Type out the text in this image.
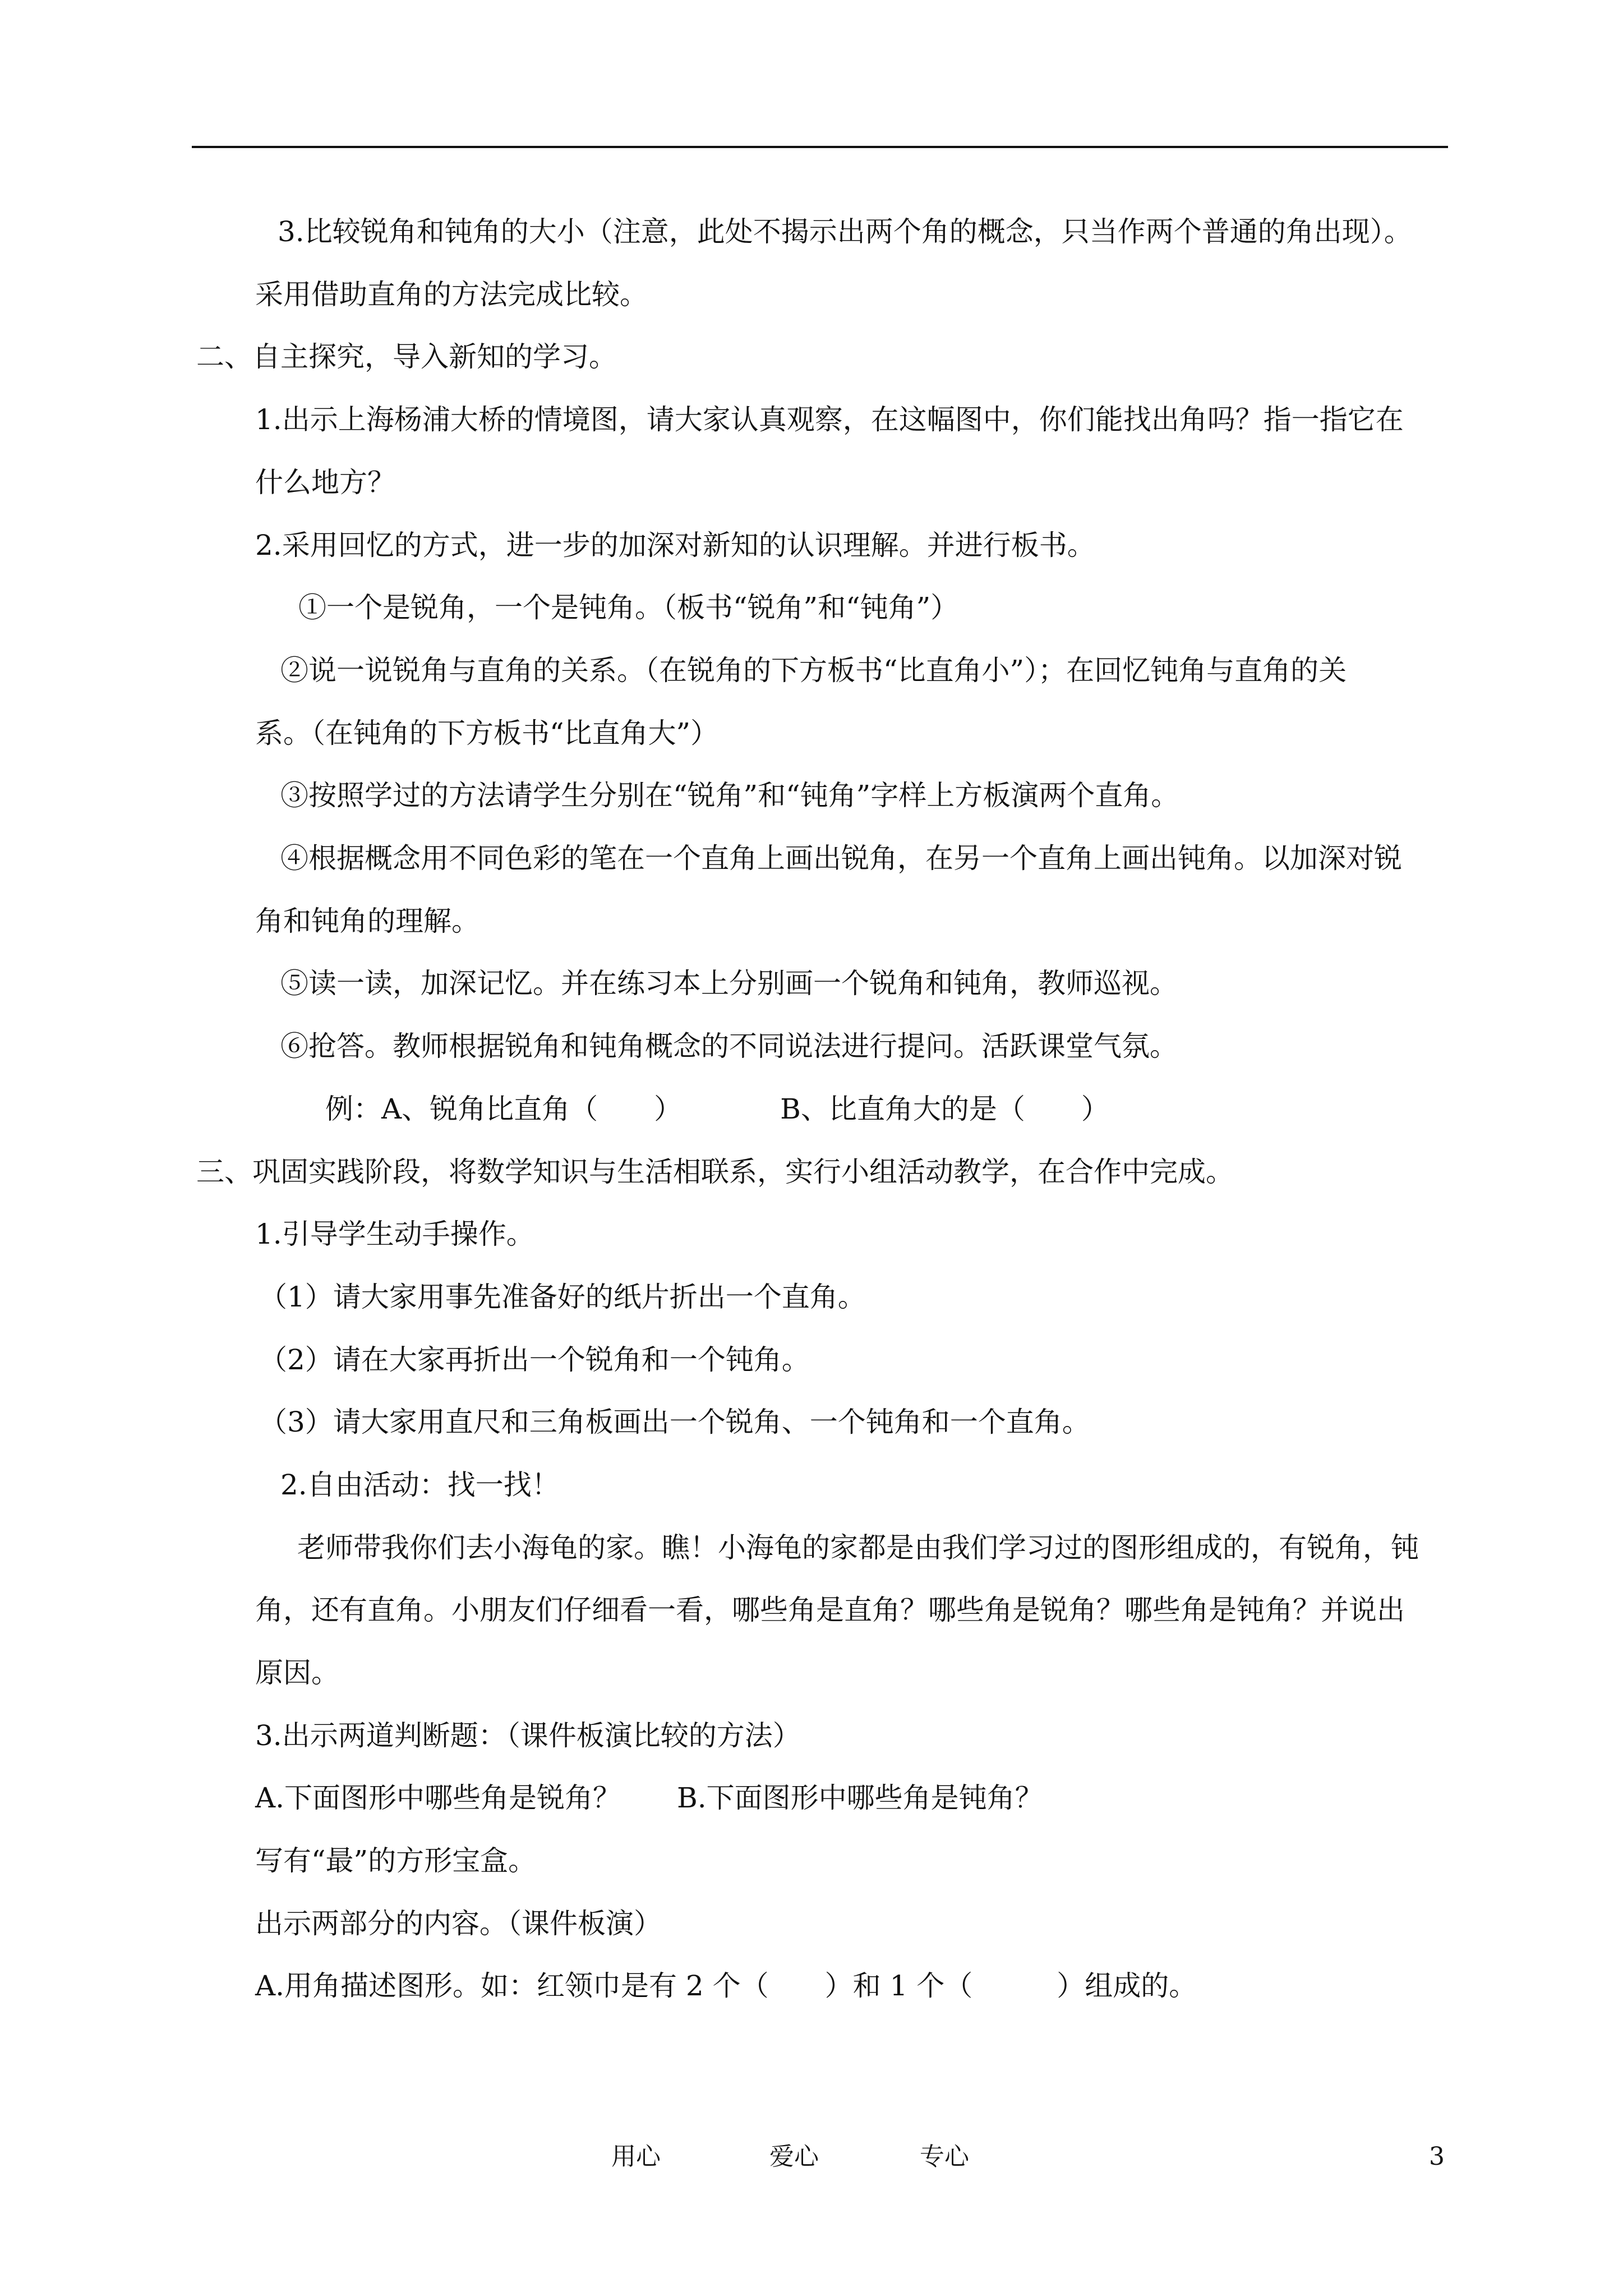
3.比较锐角和钝角的大小（注意，此处不揭示出两个角的概念，只当作两个普通的角出现）。
采用借助直角的方法完成比较。
二、自主探究，导入新知的学习。
1.出示上海杨浦大桥的情境图，请大家认真观察，在这幅图中，你们能找出角吗？指一指它在
什么地方？
2.采用回忆的方式，进一步的加深对新知的认识理解。并进行板书。
①一个是锐角，一个是钝角。（板书“锐角”和“钝角”）
②说一说锐角与直角的关系。（在锐角的下方板书“比直角小”）；在回忆钝角与直角的关
系。（在钝角的下方板书“比直角大”）
③按照学过的方法请学生分别在“锐角”和“钝角”字样上方板演两个直角。
④根据概念用不同色彩的笔在一个直角上画出锐角，在另一个直角上画出钝角。以加深对锐
角和钝角的理解。
⑤读一读，加深记忆。并在练习本上分别画一个锐角和钝角，教师巡视。
⑥抢答。教师根据锐角和钝角概念的不同说法进行提问。活跃课堂气氛。
例：A、锐角比直角（　　）　　　　B、比直角大的是（　　）
三、巩固实践阶段，将数学知识与生活相联系，实行小组活动教学，在合作中完成。
1.引导学生动手操作。
（1）请大家用事先准备好的纸片折出一个直角。
（2）请在大家再折出一个锐角和一个钝角。
（3）请大家用直尺和三角板画出一个锐角、一个钝角和一个直角。
2.自由活动：找一找！
老师带我你们去小海龟的家。瞧！小海龟的家都是由我们学习过的图形组成的，有锐角，钝
角，还有直角。小朋友们仔细看一看，哪些角是直角？哪些角是锐角？哪些角是钝角？并说出
原因。
3.出示两道判断题：（课件板演比较的方法）
A.下面图形中哪些角是锐角？　　B.下面图形中哪些角是钝角？
写有“最”的方形宝盒。
出示两部分的内容。（课件板演）
A.用角描述图形。如：红领巾是有 2 个（　　）和 1 个（　　　）组成的。
用心	爱心	专心	3
